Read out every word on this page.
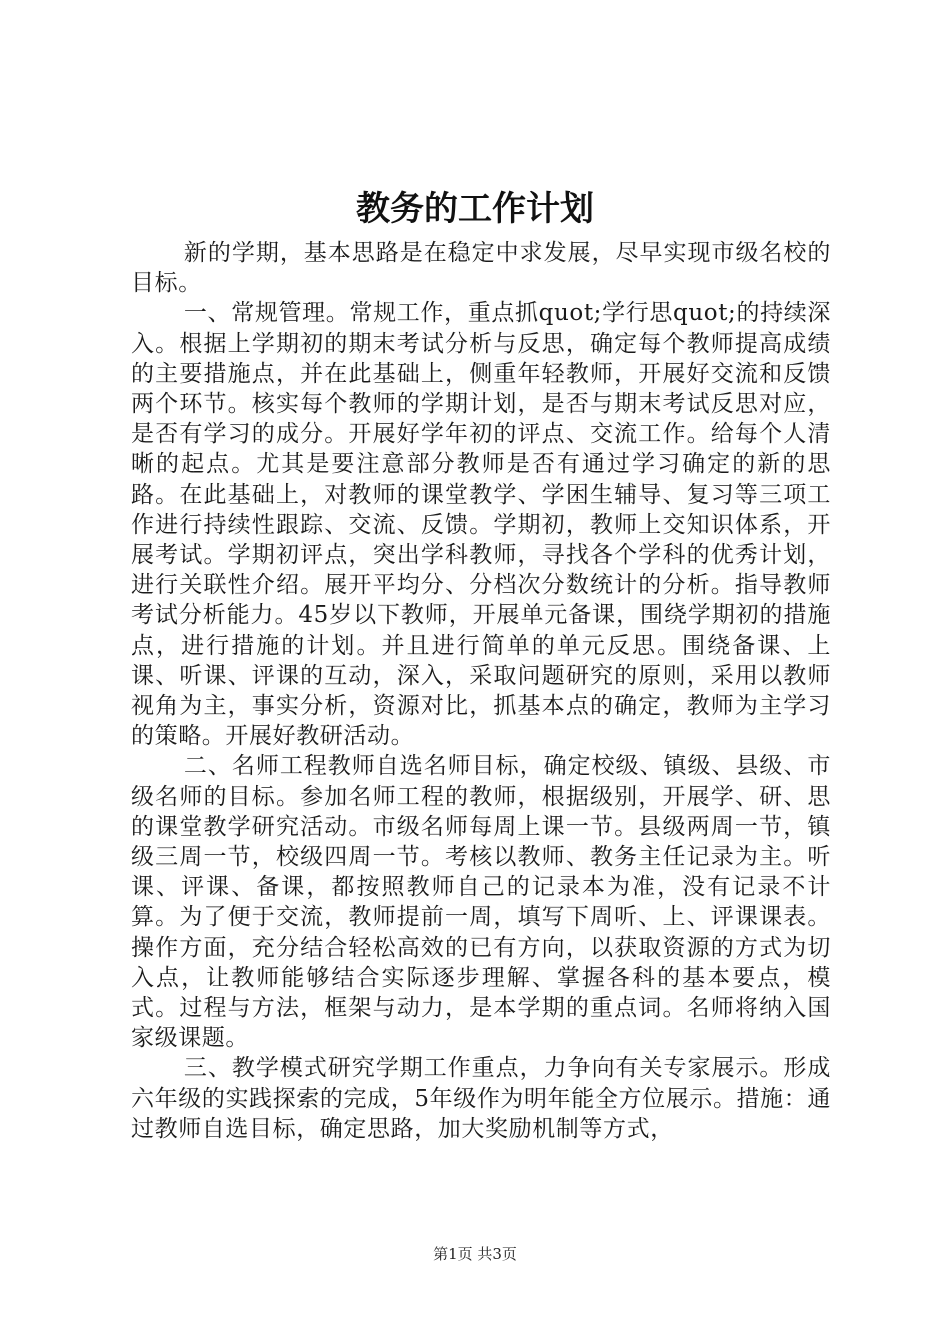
教务的工作计划

新的学期，基本思路是在稳定中求发展，尽早实现市级名校的目标。

一、常规管理。常规工作，重点抓quot;学行思quot;的持续深入。根据上学期初的期末考试分析与反思，确定每个教师提高成绩的主要措施点，并在此基础上，侧重年轻教师，开展好交流和反馈两个环节。核实每个教师的学期计划，是否与期末考试反思对应，是否有学习的成分。开展好学年初的评点、交流工作。给每个人清晰的起点。尤其是要注意部分教师是否有通过学习确定的新的思路。在此基础上，对教师的课堂教学、学困生辅导、复习等三项工作进行持续性跟踪、交流、反馈。学期初，教师上交知识体系，开展考试。学期初评点，突出学科教师，寻找各个学科的优秀计划，进行关联性介绍。展开平均分、分档次分数统计的分析。指导教师考试分析能力。45岁以下教师，开展单元备课，围绕学期初的措施点，进行措施的计划。并且进行简单的单元反思。围绕备课、上课、听课、评课的互动，深入，采取问题研究的原则，采用以教师视角为主，事实分析，资源对比，抓基本点的确定，教师为主学习的策略。开展好教研活动。

二、名师工程教师自选名师目标，确定校级、镇级、县级、市级名师的目标。参加名师工程的教师，根据级别，开展学、研、思的课堂教学研究活动。市级名师每周上课一节。县级两周一节，镇级三周一节，校级四周一节。考核以教师、教务主任记录为主。听课、评课、备课，都按照教师自己的记录本为准，没有记录不计算。为了便于交流，教师提前一周，填写下周听、上、评课课表。操作方面，充分结合轻松高效的已有方向，以获取资源的方式为切入点，让教师能够结合实际逐步理解、掌握各科的基本要点，模式。过程与方法，框架与动力，是本学期的重点词。名师将纳入国家级课题。

三、教学模式研究学期工作重点，力争向有关专家展示。形成六年级的实践探索的完成，5年级作为明年能全方位展示。措施：通过教师自选目标，确定思路，加大奖励机制等方式，

第1页 共3页
